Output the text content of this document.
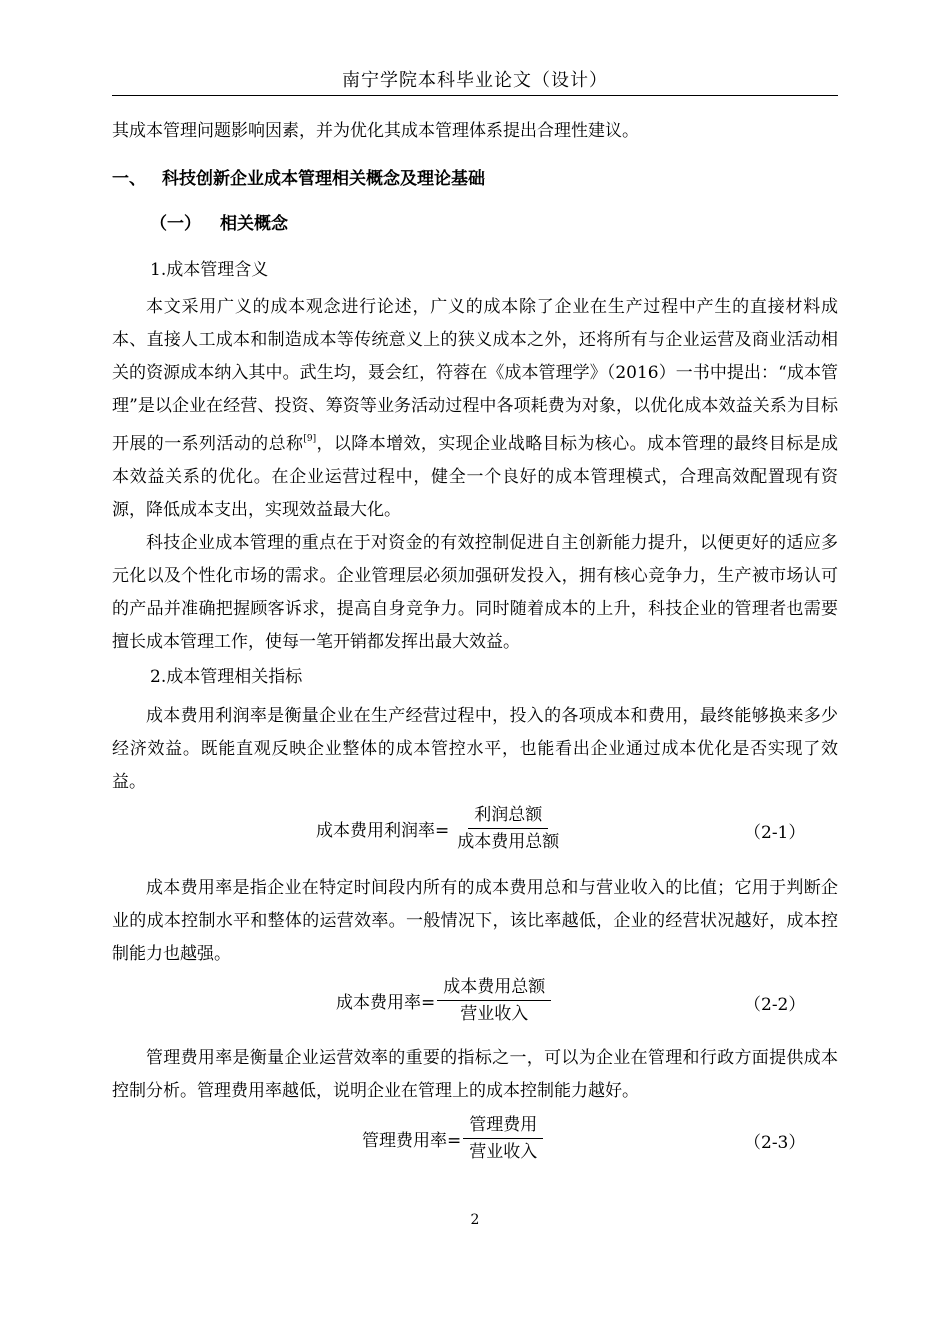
南宁学院本科毕业论文（设计）

其成本管理问题影响因素，并为优化其成本管理体系提出合理性建议。

一、 科技创新企业成本管理相关概念及理论基础
（一） 相关概念
1.成本管理含义

本文采用广义的成本观念进行论述，广义的成本除了企业在生产过程中产生的直接材料成本、直接人工成本和制造成本等传统意义上的狭义成本之外，还将所有与企业运营及商业活动相关的资源成本纳入其中。武生均，聂会红，符蓉在《成本管理学》（2016）一书中提出：“成本管理”是以企业在经营、投资、筹资等业务活动过程中各项耗费为对象，以优化成本效益关系为目标开展的一系列活动的总称[9]，以降本增效，实现企业战略目标为核心。成本管理的最终目标是成本效益关系的优化。在企业运营过程中，健全一个良好的成本管理模式，合理高效配置现有资源，降低成本支出，实现效益最大化。

科技企业成本管理的重点在于对资金的有效控制促进自主创新能力提升，以便更好的适应多元化以及个性化市场的需求。企业管理层必须加强研发投入，拥有核心竞争力，生产被市场认可的产品并准确把握顾客诉求，提高自身竞争力。同时随着成本的上升，科技企业的管理者也需要擅长成本管理工作，使每一笔开销都发挥出最大效益。

2.成本管理相关指标

成本费用利润率是衡量企业在生产经营过程中，投入的各项成本和费用，最终能够换来多少经济效益。既能直观反映企业整体的成本管控水平，也能看出企业通过成本优化是否实现了效益。

成本费用利润率= $\frac{\text{利润总额}}{\text{成本费用总额}}$	（2-1）

成本费用率是指企业在特定时间段内所有的成本费用总和与营业收入的比值；它用于判断企业的成本控制水平和整体的运营效率。一般情况下，该比率越低，企业的经营状况越好，成本控制能力也越强。

成本费用率= $\frac{\text{成本费用总额}}{\text{营业收入}}$	（2-2）

管理费用率是衡量企业运营效率的重要的指标之一，可以为企业在管理和行政方面提供成本控制分析。管理费用率越低，说明企业在管理上的成本控制能力越好。

管理费用率= $\frac{\text{管理费用}}{\text{营业收入}}$	（2-3）
2
